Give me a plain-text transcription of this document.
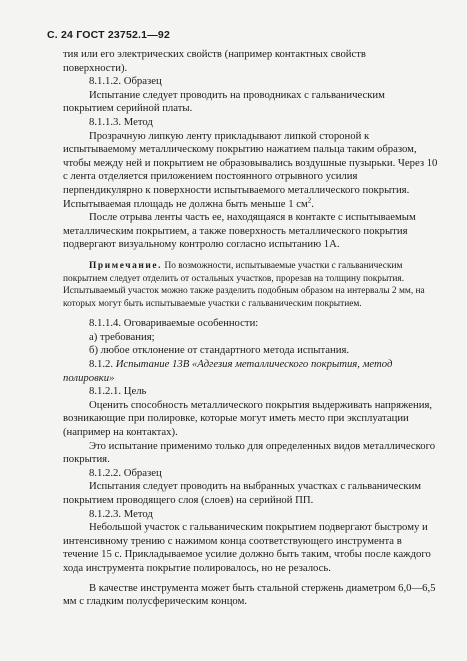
С. 24 ГОСТ 23752.1—92

тия или его электрических свойств (например контактных свойств

поверхности).

8.1.1.2. Образец

Испытание следует проводить на проводниках с гальваническим покрытием серийной платы.

8.1.1.3. Метод

Прозрачную липкую ленту прикладывают липкой стороной к испытываемому металлическому покрытию нажатием пальца таким образом, чтобы между ней и покрытием не образовывались воздушные пузырьки. Через 10 с лента отделяется приложением постоянного отрывного усилия перпендикулярно к поверхности испытываемого металлического покрытия. Испытываемая площадь не должна быть меньше 1 $см^2$.

После отрыва ленты часть ее, находящаяся в контакте с испытываемым металлическим покрытием, а также поверхность металлического покрытия подвергают визуальному контролю согласно испытанию 1А.

Примечание. По возможности, испытываемые участки с гальваническим покрытием следует отделить от остальных участков, прорезав на толщину покрытия. Испытываемый участок можно также разделить подобным образом на интервалы 2 мм, на которых могут быть испытываемые участки с гальваническим покрытием.

8.1.1.4. Оговариваемые особенности:

а) требования;

б) любое отклонение от стандартного метода испытания.

8.1.2. Испытание 13В «Адгезия металлического покрытия, метод полировки»

8.1.2.1. Цель

Оценить способность металлического покрытия выдерживать напряжения, возникающие при полировке, которые могут иметь место при эксплуатации (например на контактах).

Это испытание применимо только для определенных видов металлического покрытия.

8.1.2.2. Образец

Испытания следует проводить на выбранных участках с гальваническим покрытием проводящего слоя (слоев) на серийной ПП.

8.1.2.3. Метод

Небольшой участок с гальваническим покрытием подвергают быстрому и интенсивному трению с нажимом конца соответствующего инструмента в течение 15 с. Прикладываемое усилие должно быть таким, чтобы после каждого хода инструмента покрытие полировалось, но не резалось.

В качестве инструмента может быть стальной стержень диаметром 6,0—6,5 мм с гладким полусферическим концом.
